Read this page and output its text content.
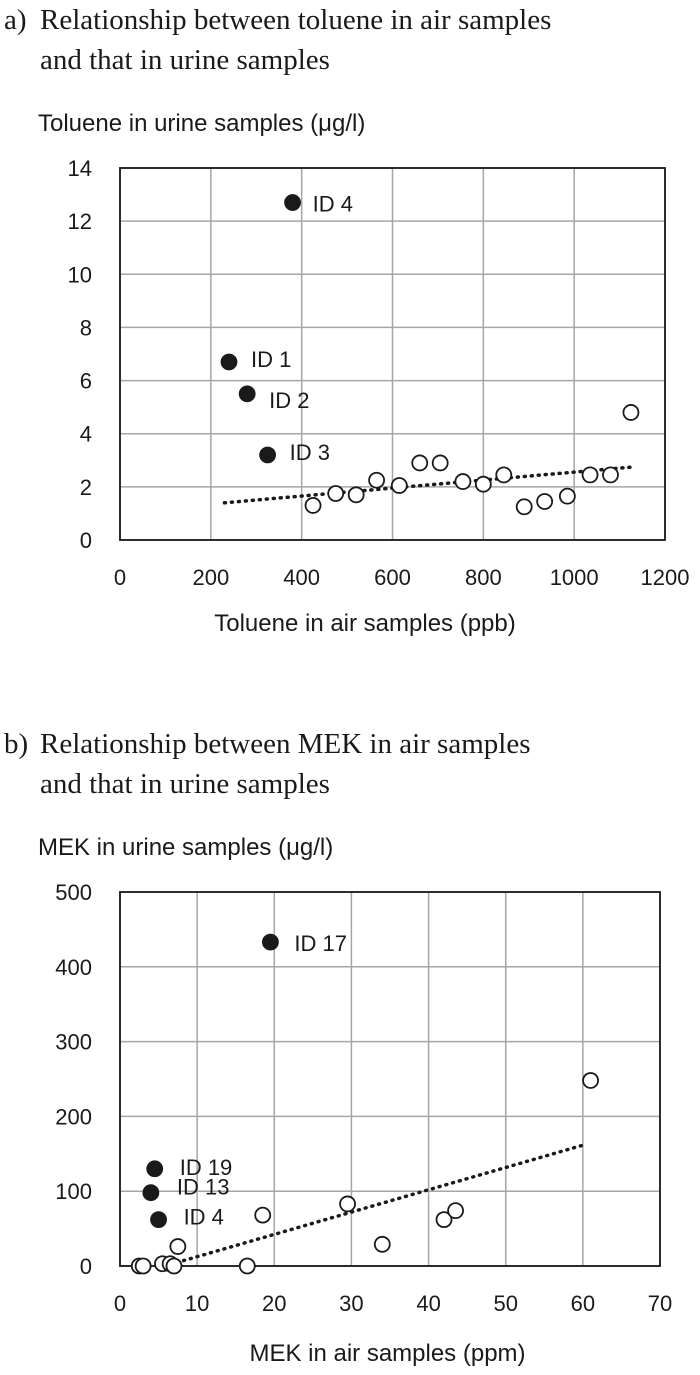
a) Relationship between toluene in air samples
and that in urine samples
Toluene in urine samples (μg/l)
0	200 400 600 800 1000 1200
0
2
4
6
8
10
12
14
ID 4
ID 1
ID 2
ID 3
Toluene in air samples (ppb)
b) Relationship between MEK in air samples
and that in urine samples
MEK in urine samples (μg/l)
0	10 20 30 40 50 60 70
0
100
200
300
400
500
ID 17
ID 19
ID 13
ID 4
MEK in air samples (ppm)
